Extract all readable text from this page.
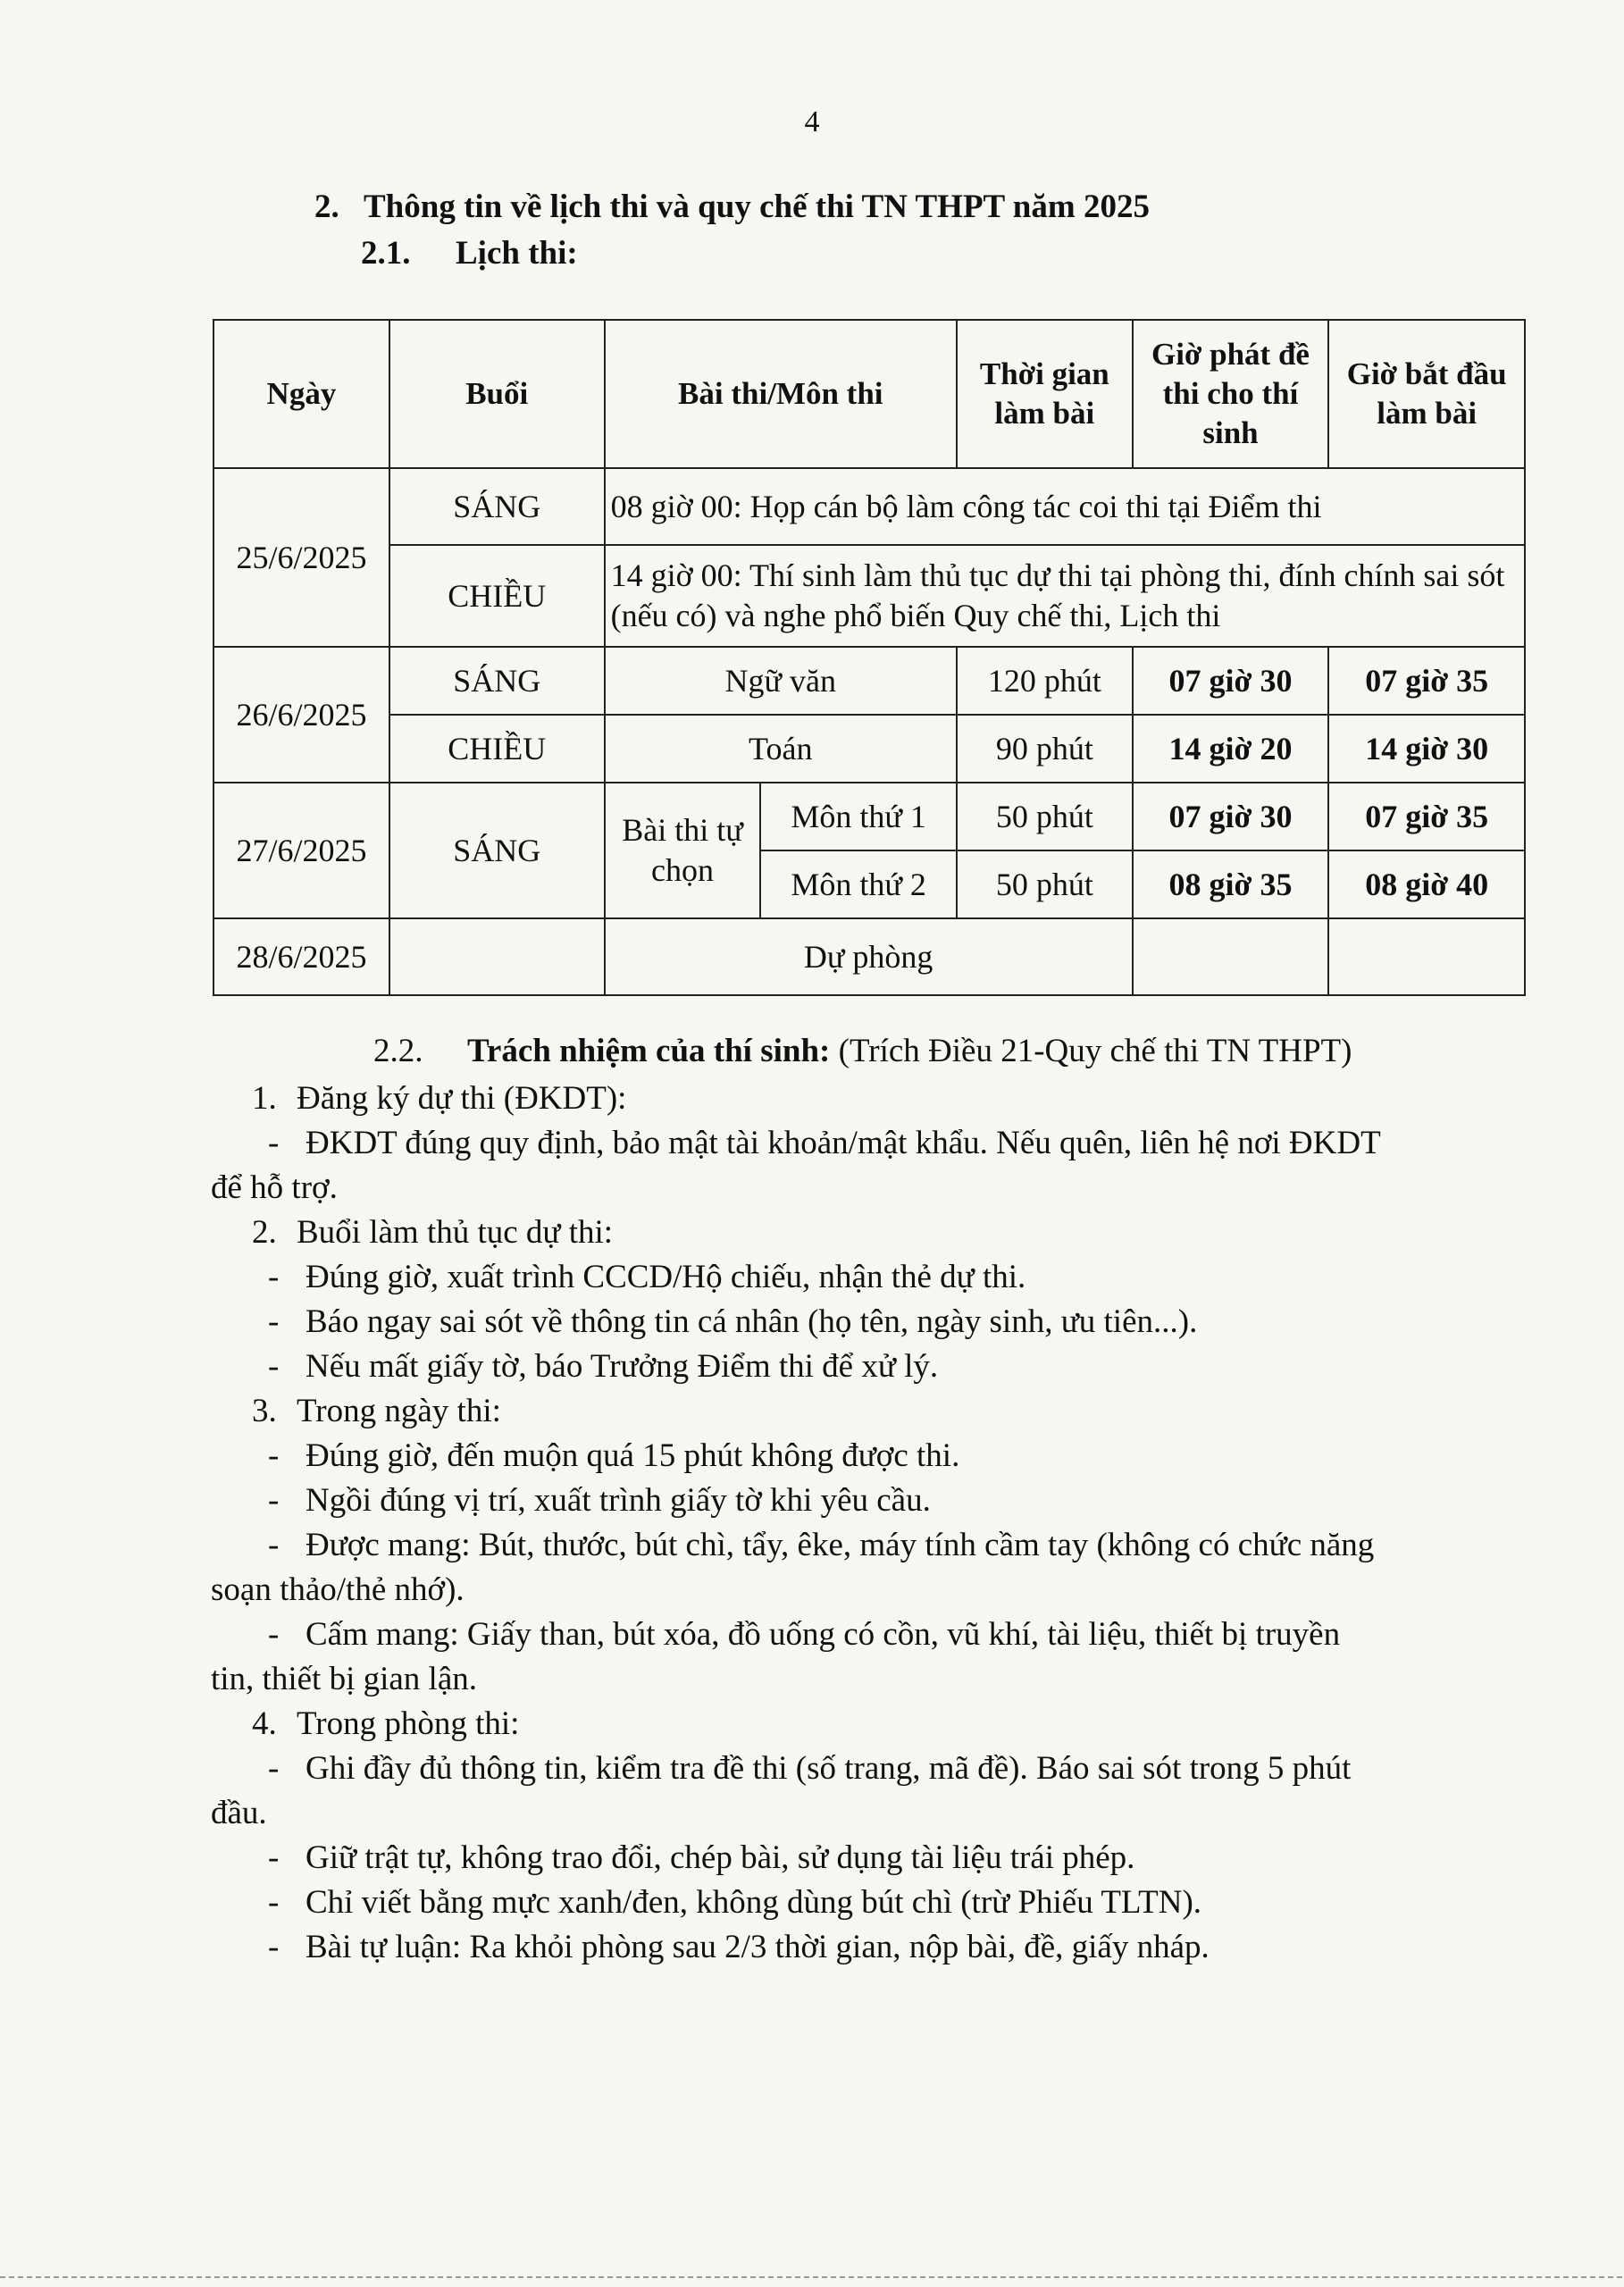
4
2. Thông tin về lịch thi và quy chế thi TN THPT năm 2025
2.1. Lịch thi:
Ngày	Buổi	Bài thi/Môn thi		Thời gian làm bài	Giờ phát đề thi cho thí sinh	Giờ bắt đầu làm bài
25/6/2025	SÁNG	08 giờ 00: Họp cán bộ làm công tác coi thi tại Điểm thi				
	CHIỀU	14 giờ 00: Thí sinh làm thủ tục dự thi tại phòng thi, đính chính sai sót (nếu có) và nghe phổ biến Quy chế thi, Lịch thi				
26/6/2025	SÁNG	Ngữ văn		120 phút	07 giờ 30	07 giờ 35
	CHIỀU	Toán		90 phút	14 giờ 20	14 giờ 30
27/6/2025	SÁNG	Bài thi tự chọn	Môn thứ 1	50 phút	07 giờ 30	07 giờ 35
			Môn thứ 2	50 phút	08 giờ 35	08 giờ 40
28/6/2025		Dự phòng				
2.2. Trách nhiệm của thí sinh: (Trích Điều 21-Quy chế thi TN THPT)
1. Đăng ký dự thi (ĐKDT):
- ĐKDT đúng quy định, bảo mật tài khoản/mật khẩu. Nếu quên, liên hệ nơi ĐKDT
để hỗ trợ.
2. Buổi làm thủ tục dự thi:
- Đúng giờ, xuất trình CCCD/Hộ chiếu, nhận thẻ dự thi.
- Báo ngay sai sót về thông tin cá nhân (họ tên, ngày sinh, ưu tiên...).
- Nếu mất giấy tờ, báo Trưởng Điểm thi để xử lý.
3. Trong ngày thi:
- Đúng giờ, đến muộn quá 15 phút không được thi.
- Ngồi đúng vị trí, xuất trình giấy tờ khi yêu cầu.
- Được mang: Bút, thước, bút chì, tẩy, êke, máy tính cầm tay (không có chức năng
soạn thảo/thẻ nhớ).
- Cấm mang: Giấy than, bút xóa, đồ uống có cồn, vũ khí, tài liệu, thiết bị truyền
tin, thiết bị gian lận.
4. Trong phòng thi:
- Ghi đầy đủ thông tin, kiểm tra đề thi (số trang, mã đề). Báo sai sót trong 5 phút
đầu.
- Giữ trật tự, không trao đổi, chép bài, sử dụng tài liệu trái phép.
- Chỉ viết bằng mực xanh/đen, không dùng bút chì (trừ Phiếu TLTN).
- Bài tự luận: Ra khỏi phòng sau 2/3 thời gian, nộp bài, đề, giấy nháp.
